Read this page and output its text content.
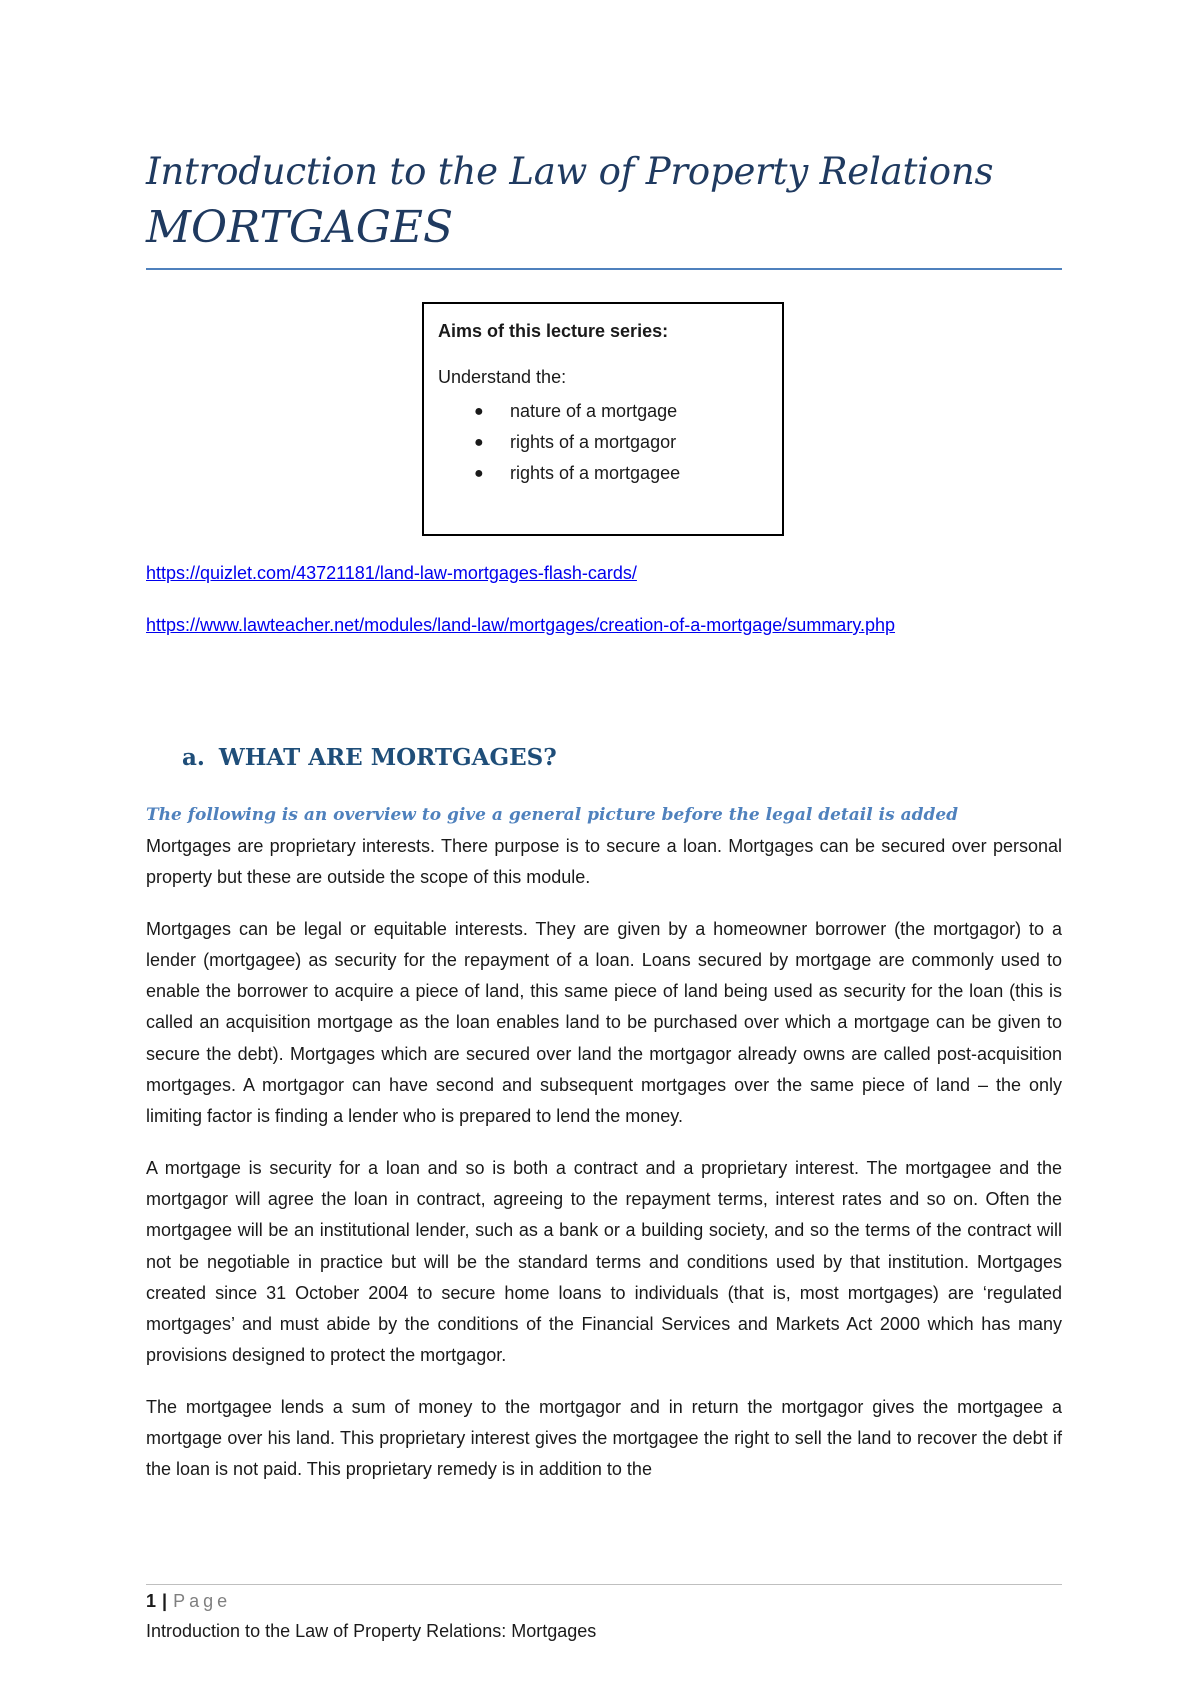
Introduction to the Law of Property Relations
MORTGAGES
Aims of this lecture series:
Understand the:
● nature of a mortgage
● rights of a mortgagor
● rights of a mortgagee
https://quizlet.com/43721181/land-law-mortgages-flash-cards/
https://www.lawteacher.net/modules/land-law/mortgages/creation-of-a-mortgage/summary.php
a. WHAT ARE MORTGAGES?
The following is an overview to give a general picture before the legal detail is added

Mortgages are proprietary interests. There purpose is to secure a loan. Mortgages can be secured over personal property but these are outside the scope of this module.

Mortgages can be legal or equitable interests. They are given by a homeowner borrower (the mortgagor) to a lender (mortgagee) as security for the repayment of a loan. Loans secured by mortgage are commonly used to enable the borrower to acquire a piece of land, this same piece of land being used as security for the loan (this is called an acquisition mortgage as the loan enables land to be purchased over which a mortgage can be given to secure the debt). Mortgages which are secured over land the mortgagor already owns are called post-acquisition mortgages. A mortgagor can have second and subsequent mortgages over the same piece of land – the only limiting factor is finding a lender who is prepared to lend the money.

A mortgage is security for a loan and so is both a contract and a proprietary interest. The mortgagee and the mortgagor will agree the loan in contract, agreeing to the repayment terms, interest rates and so on. Often the mortgagee will be an institutional lender, such as a bank or a building society, and so the terms of the contract will not be negotiable in practice but will be the standard terms and conditions used by that institution. Mortgages created since 31 October 2004 to secure home loans to individuals (that is, most mortgages) are ‘regulated mortgages’ and must abide by the conditions of the Financial Services and Markets Act 2000 which has many provisions designed to protect the mortgagor.

The mortgagee lends a sum of money to the mortgagor and in return the mortgagor gives the mortgagee a mortgage over his land. This proprietary interest gives the mortgagee the right to sell the land to recover the debt if the loan is not paid. This proprietary remedy is in addition to the

1 | Page
Introduction to the Law of Property Relations: Mortgages
